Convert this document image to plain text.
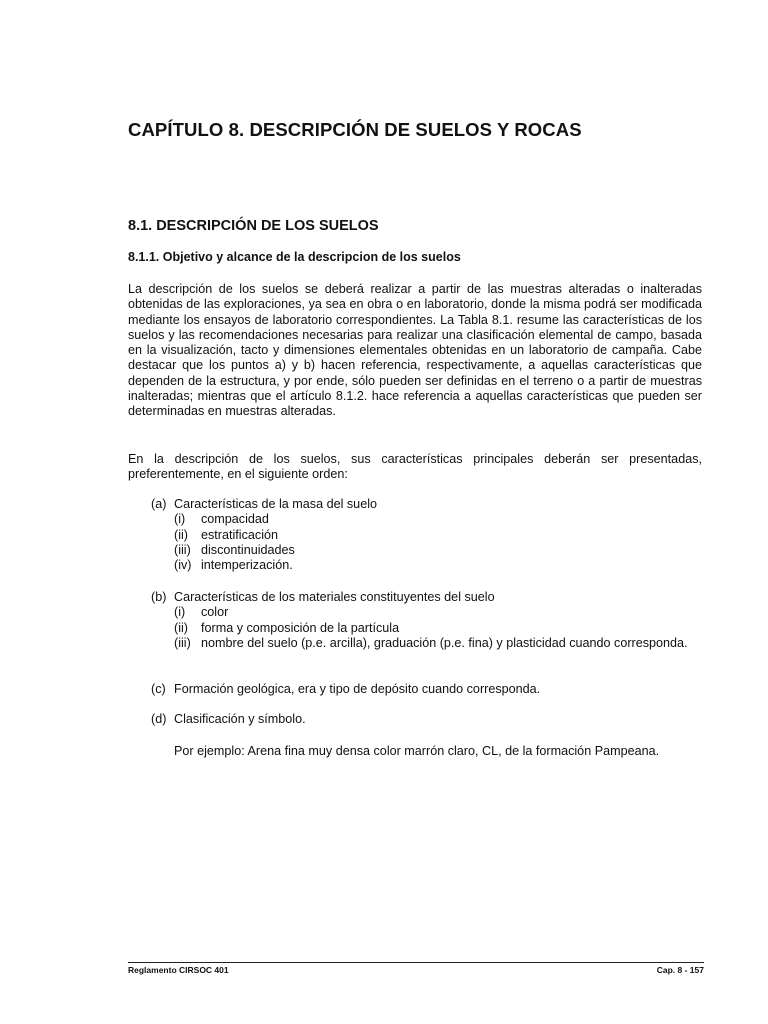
CAPÍTULO 8. DESCRIPCIÓN DE SUELOS Y ROCAS
8.1. DESCRIPCIÓN DE LOS SUELOS
8.1.1. Objetivo y alcance de la descripcion de los suelos

La descripción de los suelos se deberá realizar a partir de las muestras alteradas o inalteradas obtenidas de las exploraciones, ya sea en obra o en laboratorio, donde la misma podrá ser modificada mediante los ensayos de laboratorio correspondientes. La Tabla 8.1. resume las características de los suelos y las recomendaciones necesarias para realizar una clasificación elemental de campo, basada en la visualización, tacto y dimensiones elementales obtenidas en un laboratorio de campaña. Cabe destacar que los puntos a) y b) hacen referencia, respectivamente, a aquellas características que dependen de la estructura, y por ende, sólo pueden ser definidas en el terreno o a partir de muestras inalteradas; mientras que el artículo 8.1.2. hace referencia a aquellas características que pueden ser determinadas en muestras alteradas.

En la descripción de los suelos, sus características principales deberán ser presentadas, preferentemente, en el siguiente orden:

(a) Características de la masa del suelo
(i) compacidad
(ii) estratificación
(iii) discontinuidades
(iv) intemperización.
(b) Características de los materiales constituyentes del suelo
(i) color
(ii) forma y composición de la partícula
(iii) nombre del suelo (p.e. arcilla), graduación (p.e. fina) y plasticidad cuando corresponda.
(c) Formación geológica, era y tipo de depósito cuando corresponda.
(d) Clasificación y símbolo.

Por ejemplo: Arena fina muy densa color marrón claro, CL, de la formación Pampeana.

Reglamento CIRSOC 401	Cap. 8 - 157
